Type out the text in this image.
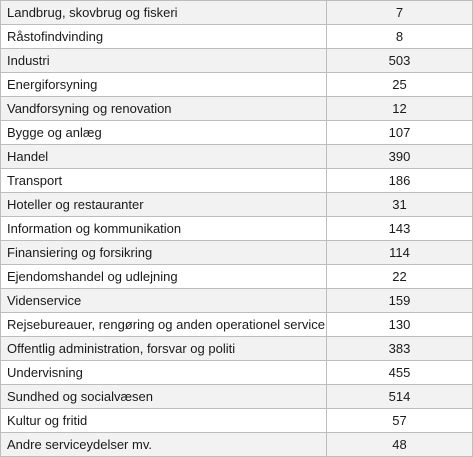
Landbrug, skovbrug og fiskeri	7
Råstofindvinding	8
Industri	503
Energiforsyning	25
Vandforsyning og renovation	12
Bygge og anlæg	107
Handel	390
Transport	186
Hoteller og restauranter	31
Information og kommunikation	143
Finansiering og forsikring	114
Ejendomshandel og udlejning	22
Videnservice	159
Rejsebureauer, rengøring og anden operationel service	130
Offentlig administration, forsvar og politi	383
Undervisning	455
Sundhed og socialvæsen	514
Kultur og fritid	57
Andre serviceydelser mv.	48
